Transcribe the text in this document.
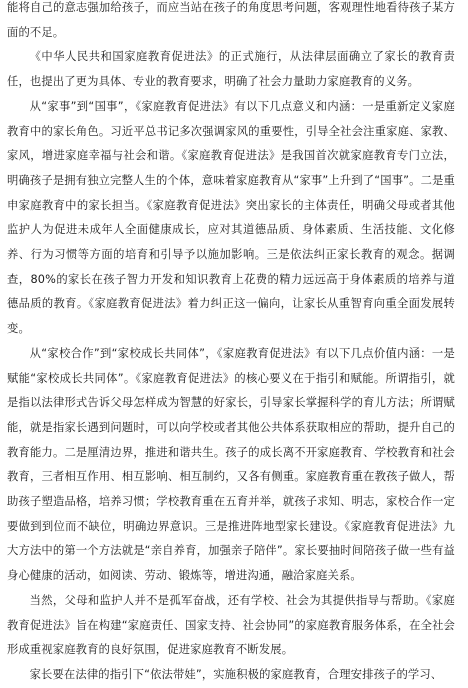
能将自己的意志强加给孩子，而应当站在孩子的角度思考问题，客观理性地看待孩子某方面的不足。

《中华人民共和国家庭教育促进法》的正式施行，从法律层面确立了家长的教育责任，也提出了更为具体、专业的教育要求，明确了社会力量助力家庭教育的义务。

从“家事”到“国事”，《家庭教育促进法》有以下几点意义和内涵：一是重新定义家庭教育中的家长角色。习近平总书记多次强调家风的重要性，引导全社会注重家庭、家教、家风，增进家庭幸福与社会和谐。《家庭教育促进法》是我国首次就家庭教育专门立法，明确孩子是拥有独立完整人生的个体，意味着家庭教育从“家事”上升到了“国事”。二是重申家庭教育中的家长担当。《家庭教育促进法》突出家长的主体责任，明确父母或者其他监护人为促进未成年人全面健康成长，应对其道德品质、身体素质、生活技能、文化修养、行为习惯等方面的培育和引导予以施加影响。三是依法纠正家长教育的观念。据调查，80%的家长在孩子智力开发和知识教育上花费的精力远远高于身体素质的培养与道德品质的教育。《家庭教育促进法》着力纠正这一偏向，让家长从重智育向重全面发展转变。

从“家校合作”到“家校成长共同体”，《家庭教育促进法》有以下几点价值内涵：一是赋能“家校成长共同体”。《家庭教育促进法》的核心要义在于指引和赋能。所谓指引，就是指以法律形式告诉父母怎样成为智慧的好家长，引导家长掌握科学的育儿方法；所谓赋能，就是指家长遇到问题时，可以向学校或者其他公共体系获取相应的帮助，提升自己的教育能力。二是厘清边界，推进和谐共生。孩子的成长离不开家庭教育、学校教育和社会教育，三者相互作用、相互影响、相互制约，又各有侧重。家庭教育重在教孩子做人，帮助孩子塑造品格，培养习惯；学校教育重在五育并举，就孩子求知、明志，家校合作一定要做到到位而不缺位，明确边界意识。三是推进阵地型家长建设。《家庭教育促进法》九大方法中的第一个方法就是“亲自养育，加强亲子陪伴”。家长要抽时间陪孩子做一些有益身心健康的活动，如阅读、劳动、锻炼等，增进沟通，融洽家庭关系。

当然，父母和监护人并不是孤军奋战，还有学校、社会为其提供指导与帮助。《家庭教育促进法》旨在构建“家庭责任、国家支持、社会协同”的家庭教育服务体系，在全社会形成重视家庭教育的良好氛围，促进家庭教育不断发展。

家长要在法律的指引下“依法带娃”，实施积极的家庭教育，合理安排孩子的学习、
